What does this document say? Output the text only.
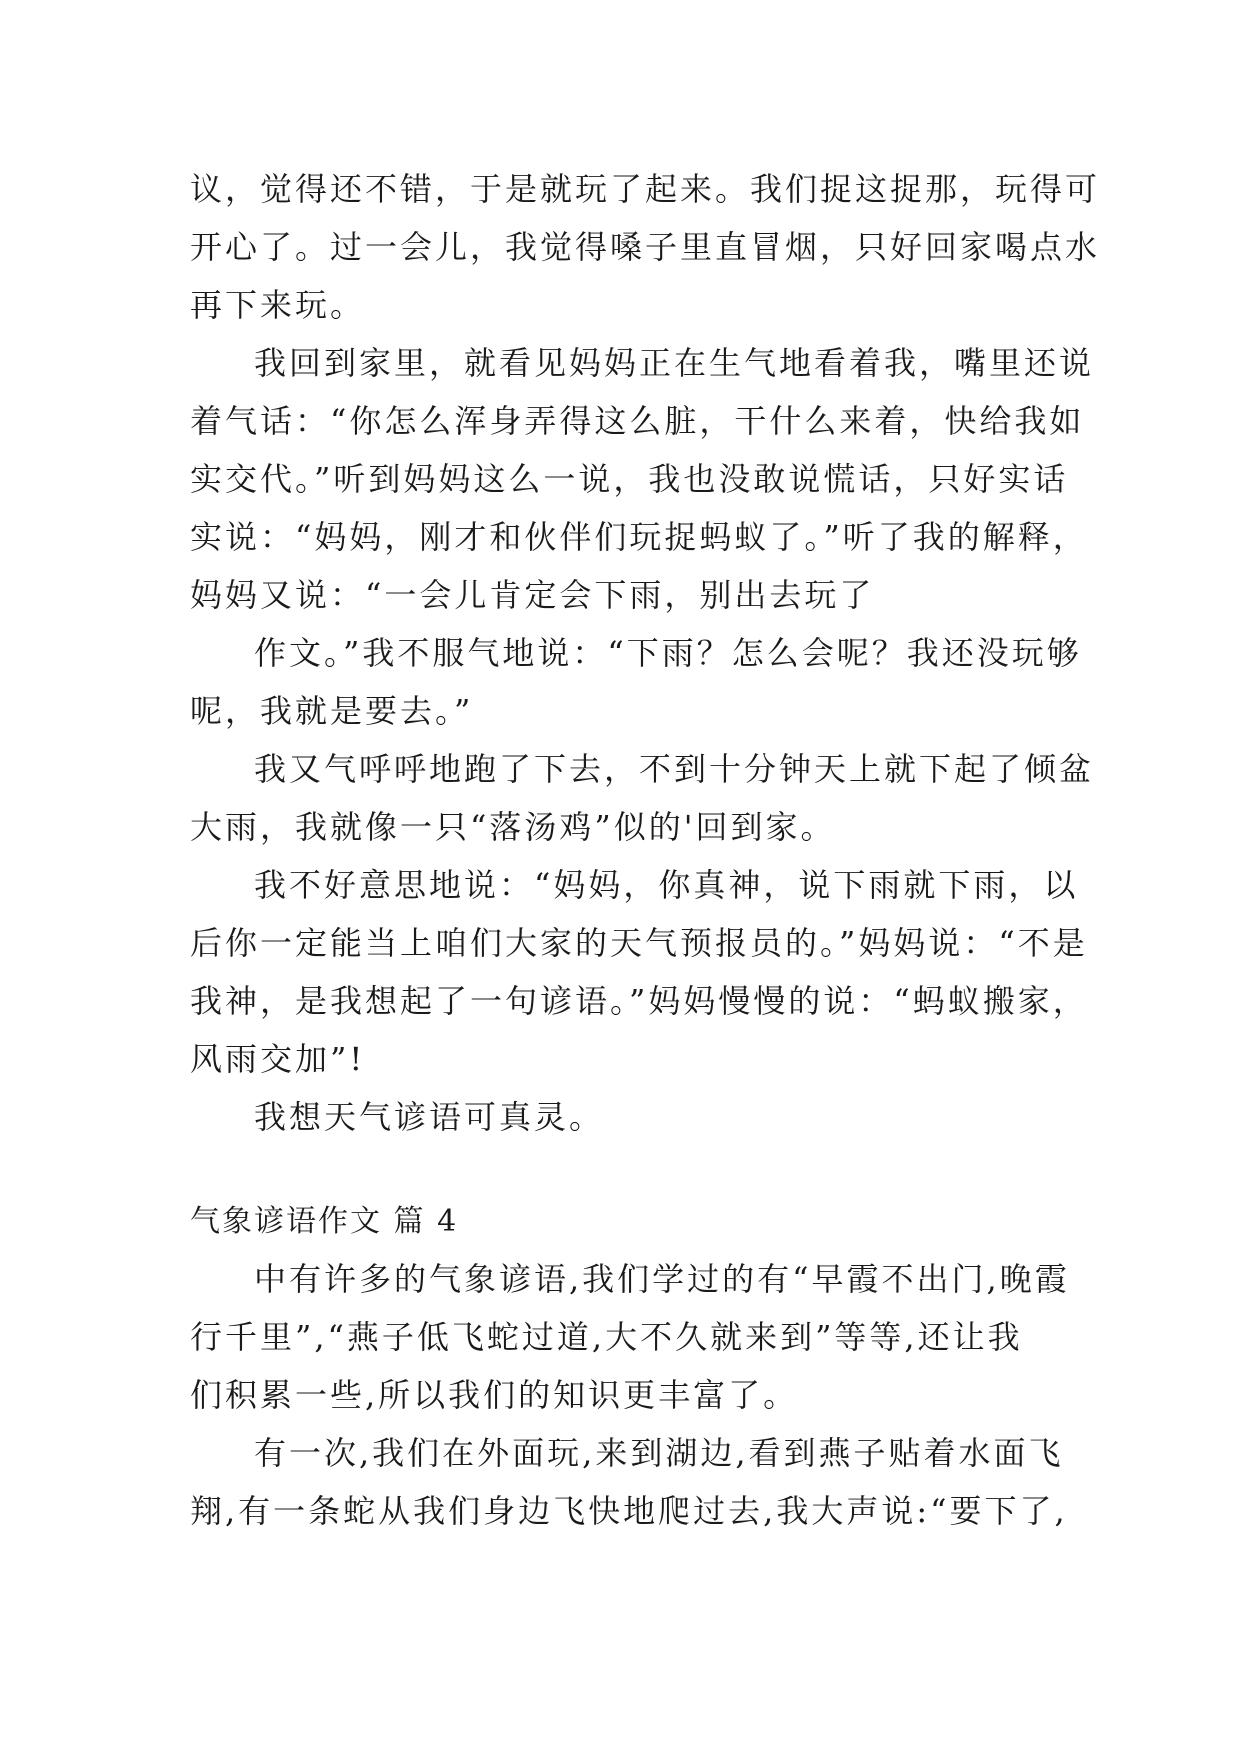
议，觉得还不错，于是就玩了起来。我们捉这捉那，玩得可
开心了。过一会儿，我觉得嗓子里直冒烟，只好回家喝点水
再下来玩。
我回到家里，就看见妈妈正在生气地看着我，嘴里还说
着气话：“你怎么浑身弄得这么脏，干什么来着，快给我如
实交代。”听到妈妈这么一说，我也没敢说慌话，只好实话
实说：“妈妈，刚才和伙伴们玩捉蚂蚁了。”听了我的解释，
妈妈又说：“一会儿肯定会下雨，别出去玩了
作文。”我不服气地说：“下雨？怎么会呢？我还没玩够
呢，我就是要去。”
我又气呼呼地跑了下去，不到十分钟天上就下起了倾盆
大雨，我就像一只“落汤鸡”似的'回到家。
我不好意思地说：“妈妈，你真神，说下雨就下雨，以
后你一定能当上咱们大家的天气预报员的。”妈妈说：“不是
我神，是我想起了一句谚语。”妈妈慢慢的说：“蚂蚁搬家，
风雨交加”!
我想天气谚语可真灵。
气象谚语作文 篇 4
中有许多的气象谚语,我们学过的有“早霞不出门,晚霞
行千里”,“燕子低飞蛇过道,大不久就来到”等等,还让我
们积累一些,所以我们的知识更丰富了。
有一次,我们在外面玩,来到湖边,看到燕子贴着水面飞
翔,有一条蛇从我们身边飞快地爬过去,我大声说:“要下了,
